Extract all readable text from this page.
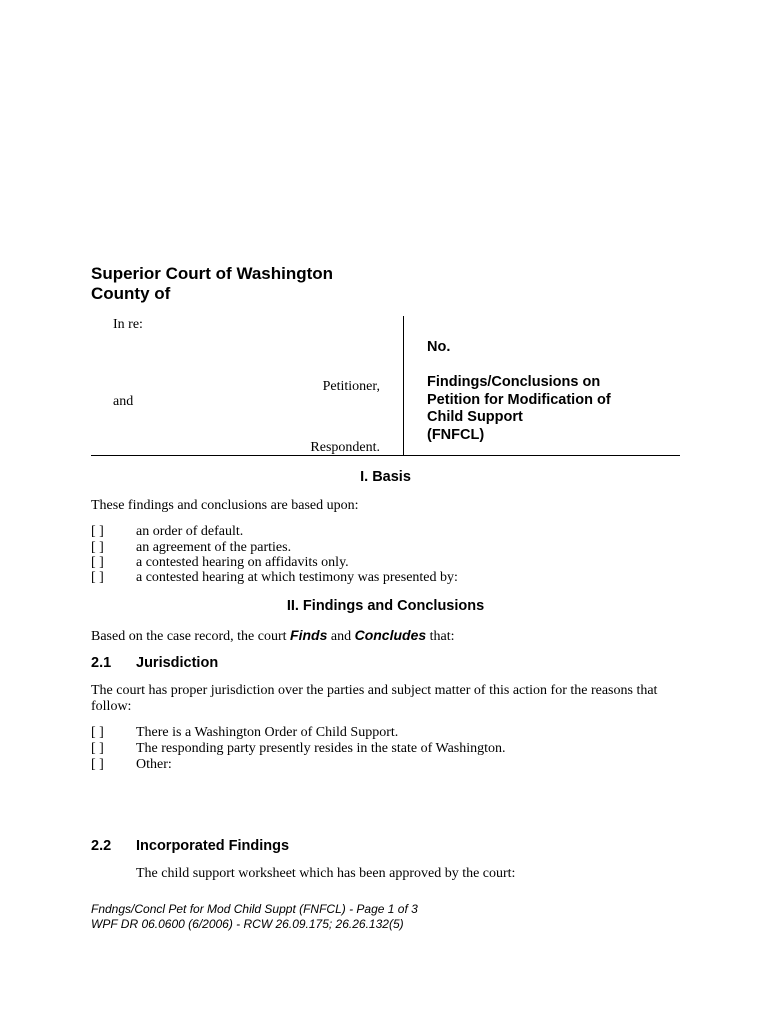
Superior Court of Washington
County of
In re:
Petitioner,
and
Respondent.
No.
Findings/Conclusions on
Petition for Modification of
Child Support
(FNFCL)
I. Basis
These findings and conclusions are based upon:
[ ] an order of default.
[ ] an agreement of the parties.
[ ] a contested hearing on affidavits only.
[ ] a contested hearing at which testimony was presented by:
II. Findings and Conclusions
Based on the case record, the court Finds and Concludes that:
2.1 Jurisdiction
The court has proper jurisdiction over the parties and subject matter of this action for the reasons that follow:
[ ] There is a Washington Order of Child Support.
[ ] The responding party presently resides in the state of Washington.
[ ] Other:
2.2 Incorporated Findings
The child support worksheet which has been approved by the court:
Fndngs/Concl Pet for Mod Child Suppt (FNFCL) - Page 1 of 3
WPF DR 06.0600 (6/2006) - RCW 26.09.175; 26.26.132(5)
